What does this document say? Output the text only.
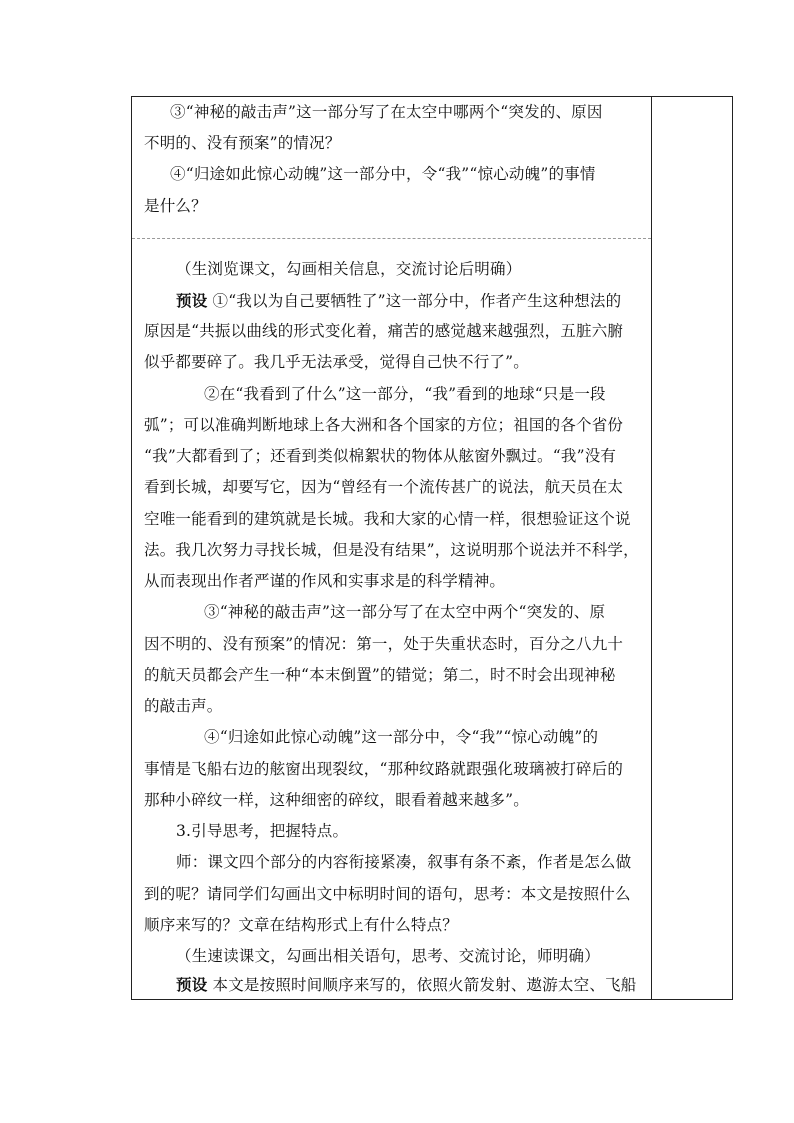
③“神秘的敲击声”这一部分写了在太空中哪两个“突发的、原因

不明的、没有预案”的情况？

④“归途如此惊心动魄”这一部分中，令“我”“惊心动魄”的事情

是什么？

（生浏览课文，勾画相关信息，交流讨论后明确）

预设 ①“我以为自己要牺牲了”这一部分中，作者产生这种想法的

原因是“共振以曲线的形式变化着，痛苦的感觉越来越强烈，五脏六腑

似乎都要碎了。我几乎无法承受，觉得自己快不行了”。

②在“我看到了什么”这一部分，“我”看到的地球“只是一段

弧”；可以准确判断地球上各大洲和各个国家的方位；祖国的各个省份

“我”大都看到了；还看到类似棉絮状的物体从舷窗外飘过。“我”没有

看到长城，却要写它，因为“曾经有一个流传甚广的说法，航天员在太

空唯一能看到的建筑就是长城。我和大家的心情一样，很想验证这个说

法。我几次努力寻找长城，但是没有结果”，这说明那个说法并不科学，

从而表现出作者严谨的作风和实事求是的科学精神。

③“神秘的敲击声”这一部分写了在太空中两个“突发的、原

因不明的、没有预案”的情况：第一，处于失重状态时，百分之八九十

的航天员都会产生一种“本末倒置”的错觉；第二，时不时会出现神秘

的敲击声。

④“归途如此惊心动魄”这一部分中，令“我”“惊心动魄”的

事情是飞船右边的舷窗出现裂纹，“那种纹路就跟强化玻璃被打碎后的

那种小碎纹一样，这种细密的碎纹，眼看着越来越多”。

3.引导思考，把握特点。

师：课文四个部分的内容衔接紧凑，叙事有条不紊，作者是怎么做

到的呢？请同学们勾画出文中标明时间的语句，思考：本文是按照什么

顺序来写的？文章在结构形式上有什么特点？

（生速读课文，勾画出相关语句，思考、交流讨论，师明确）

预设 本文是按照时间顺序来写的，依照火箭发射、遨游太空、飞船
